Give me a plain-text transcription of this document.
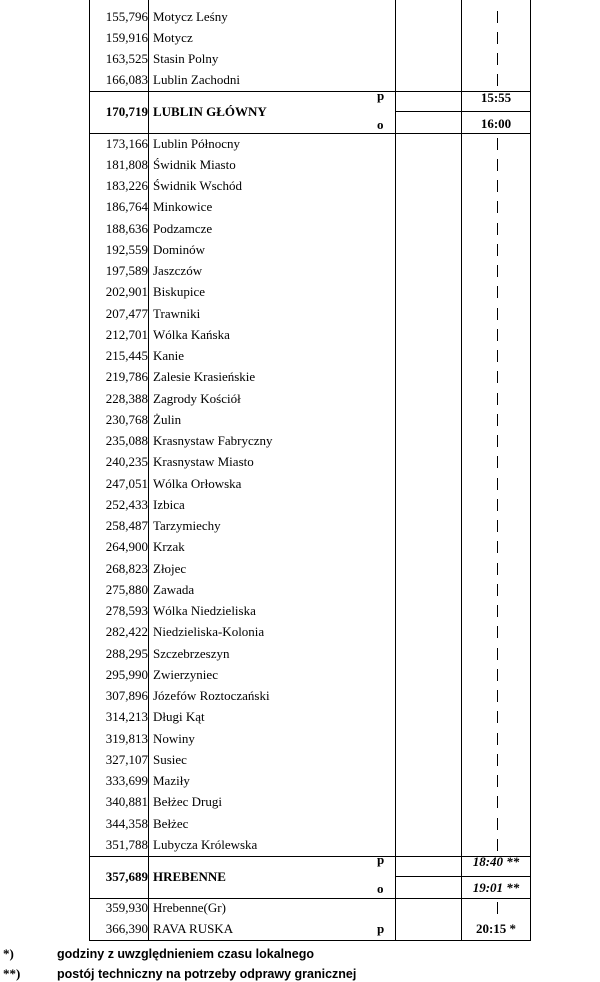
155,796 Motycz Leśny
159,916 Motycz
163,525 Stasin Polny
166,083 Lublin Zachodni
170,719 LUBLIN GŁÓWNY
p	15:55
o	16:00
173,166 Lublin Północny
181,808 Świdnik Miasto
183,226 Świdnik Wschód
186,764 Minkowice
188,636 Podzamcze
192,559 Dominów
197,589 Jaszczów
202,901 Biskupice
207,477 Trawniki
212,701 Wólka Kańska
215,445 Kanie
219,786 Zalesie Krasieńskie
228,388 Zagrody Kościół
230,768 Żulin
235,088 Krasnystaw Fabryczny
240,235 Krasnystaw Miasto
247,051 Wólka Orłowska
252,433 Izbica
258,487 Tarzymiechy
264,900 Krzak
268,823 Złojec
275,880 Zawada
278,593 Wólka Niedzieliska
282,422 Niedzieliska-Kolonia
288,295 Szczebrzeszyn
295,990 Zwierzyniec
307,896 Józefów Roztoczański
314,213 Długi Kąt
319,813 Nowiny
327,107 Susiec
333,699 Maziły
340,881 Bełżec Drugi
344,358 Bełżec
351,788 Lubycza Królewska
357,689 HREBENNE
p	18:40 **
o	19:01 **
359,930 Hrebenne(Gr)
366,390 RAVA RUSKA	p	20:15 *
*)	godziny z uwzględnieniem czasu lokalnego
**)	postój techniczny na potrzeby odprawy granicznej
